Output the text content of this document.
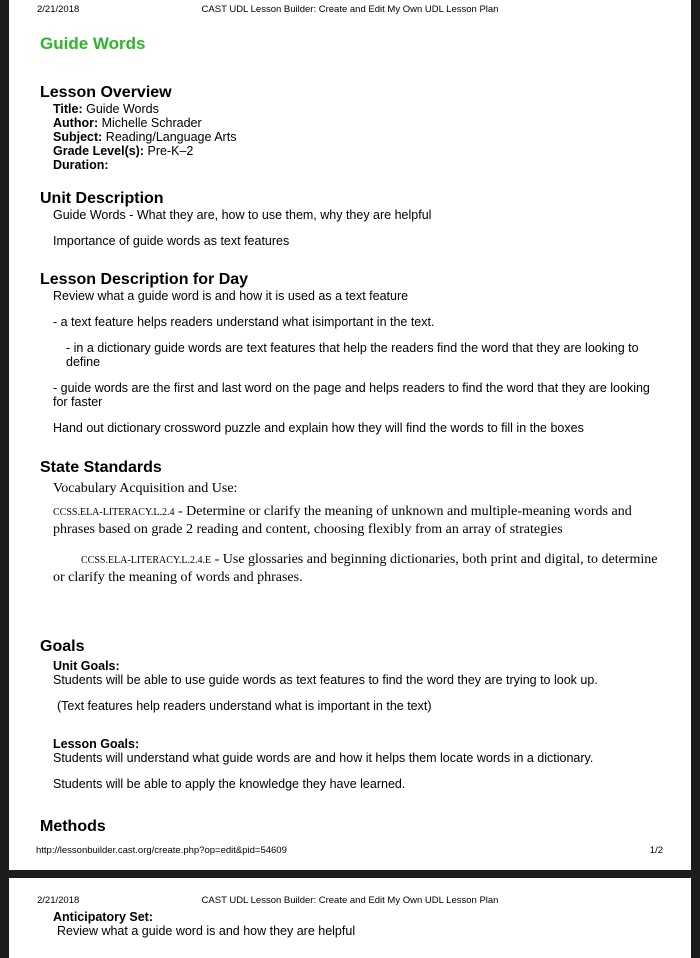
2/21/2018	CAST UDL Lesson Builder: Create and Edit My Own UDL Lesson Plan
Guide Words
Lesson Overview

Title: Guide Words

Author: Michelle Schrader

Subject: Reading/Language Arts

Grade Level(s): Pre-K–2

Duration:

Unit Description

Guide Words - What they are, how to use them, why they are helpful

Importance of guide words as text features

Lesson Description for Day

Review what a guide word is and how it is used as a text feature

- a text feature helps readers understand what isimportant in the text.

- in a dictionary guide words are text features that help the readers find the word that they are looking to define

- guide words are the first and last word on the page and helps readers to find the word that they are looking for faster

Hand out dictionary crossword puzzle and explain how they will find the words to fill in the boxes

State Standards

Vocabulary Acquisition and Use:

CCSS.ELA-LITERACY.L.2.4 - Determine or clarify the meaning of unknown and multiple-meaning words and phrases based on grade 2 reading and content, choosing flexibly from an array of strategies

CCSS.ELA-LITERACY.L.2.4.E - Use glossaries and beginning dictionaries, both print and digital, to determine or clarify the meaning of words and phrases.

Goals

Unit Goals:

Students will be able to use guide words as text features to find the word they are trying to look up.

(Text features help readers understand what is important in the text)

Lesson Goals:

Students will understand what guide words are and how it helps them locate words in a dictionary.

Students will be able to apply the knowledge they have learned.

Methods
http://lessonbuilder.cast.org/create.php?op=edit&pid=54609	1/2
2/21/2018	CAST UDL Lesson Builder: Create and Edit My Own UDL Lesson Plan

Anticipatory Set:

Review what a guide word is and how they are helpful
